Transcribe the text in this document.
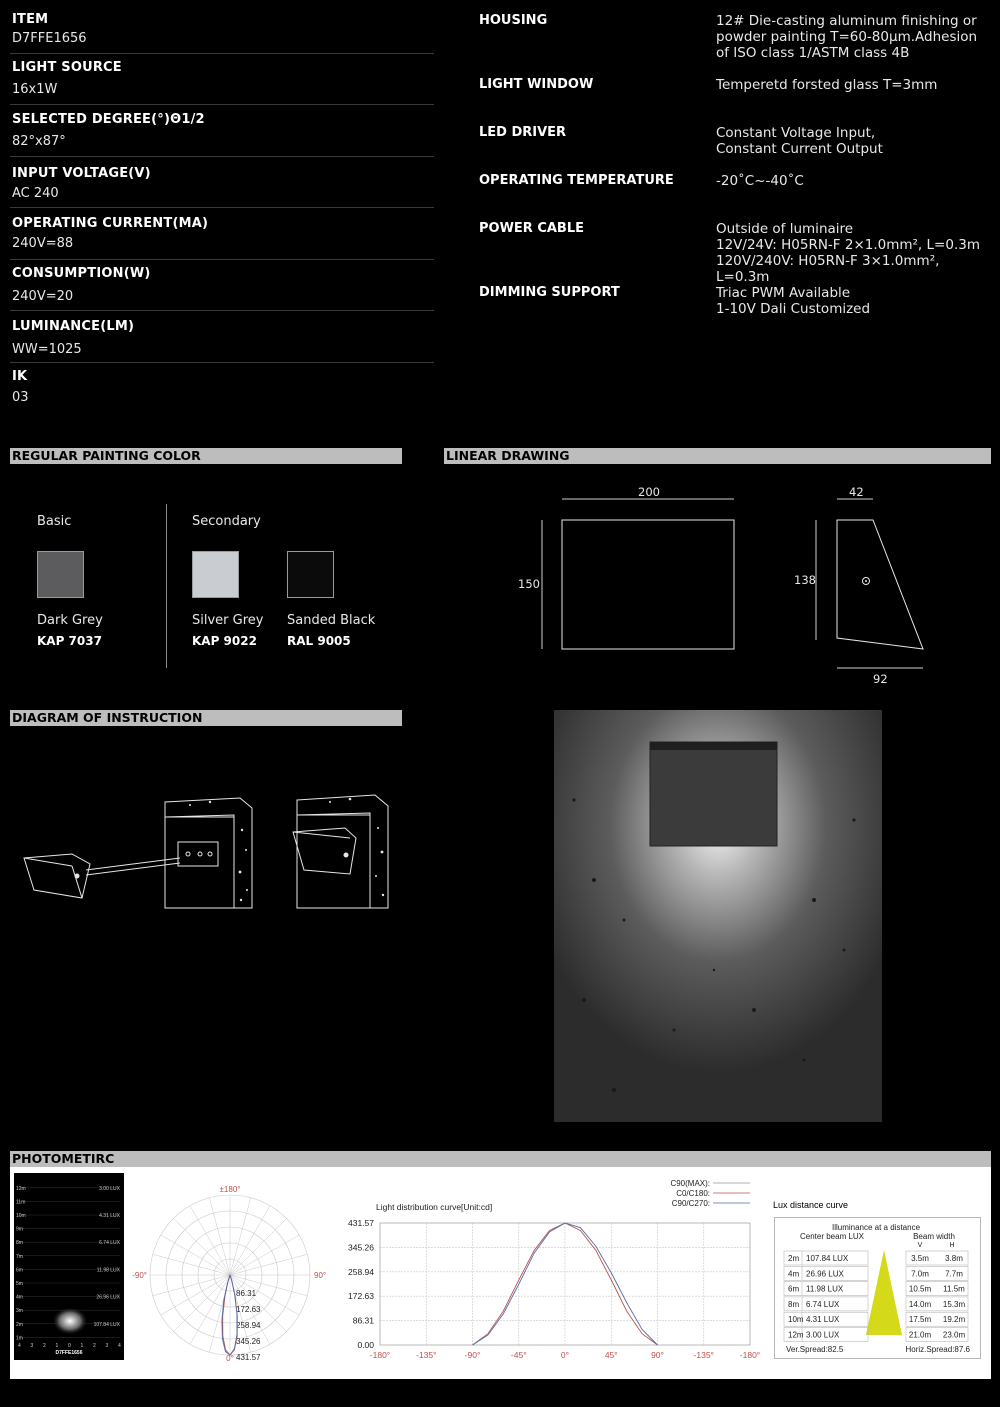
ITEM
D7FFE1656
LIGHT SOURCE
16x1W
SELECTED DEGREE(°)Θ1/2
82°x87°
INPUT VOLTAGE(V)
AC 240
OPERATING CURRENT(MA)
240V=88
CONSUMPTION(W)
240V=20
LUMINANCE(LM)
WW=1025
IK
03
HOUSING	12# Die-casting aluminum finishing or
powder painting T=60-80μm.Adhesion
of ISO class 1/ASTM class 4B
LIGHT WINDOW	Temperetd forsted glass T=3mm
LED DRIVER	Constant Voltage Input,
Constant Current Output
OPERATING TEMPERATURE	-20˚C~-40˚C
POWER CABLE	Outside of luminaire
12V/24V: H05RN-F 2×1.0mm², L=0.3m
120V/240V: H05RN-F 3×1.0mm², L=0.3m
DIMMING SUPPORT	Triac PWM Available
1-10V Dali Customized
REGULAR PAINTING COLOR
Basic	Secondary
Dark Grey
KAP 7037
Silver Grey
KAP 9022
Sanded Black
RAL 9005
LINEAR DRAWING
200
150
42
138
92
DIAGRAM OF INSTRUCTION
PHOTOMETIRC
12m
11m
10m
9m
8m
7m
6m
5m
4m
3m
2m
1m
3.00 LUX
4.31 LUX
6.74 LUX
11.98 LUX
26.96 LUX
107.84 LUX
4 3 2 1 0 1 2 3 4
D7FFE1656
±180°
-90°	90°
0°
86.31
172.63
258.94
345.26
431.57
Light distribution curve[Unit:cd]
C90(MAX):
C0/C180:
C90/C270:
0.00
86.31
172.63
258.94
345.26
431.57
-180°	-135°	-90°	-45°	0°	45°	90°	-135°	-180°
Lux distance curve
Illuminance at a distance
Center beam LUX	Beam width
V	H
2m 107.84 LUX	3.5m 3.8m
4m 26.96 LUX	7.0m 7.7m
6m 11.98 LUX	10.5m 11.5m
8m 6.74 LUX	14.0m 15.3m
10m 4.31 LUX	17.5m 19.2m
12m 3.00 LUX	21.0m 23.0m
Ver.Spread:82.5	Horiz.Spread:87.6
